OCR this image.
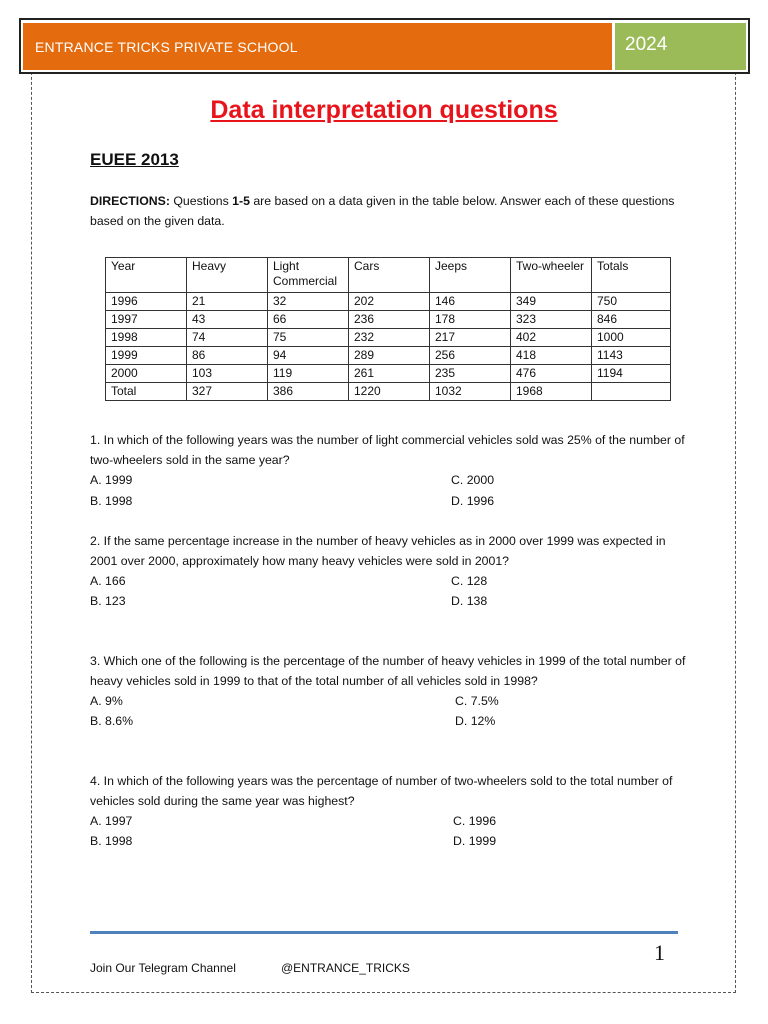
ENTRANCE TRICKS PRIVATE SCHOOL	2024
Data interpretation questions
EUEE 2013
DIRECTIONS: Questions 1-5 are based on a data given in the table below. Answer each of these questions based on the given data.
Year	Heavy	Light Commercial	Cars	Jeeps	Two-wheeler	Totals
1996	21	32	202	146	349	750
1997	43	66	236	178	323	846
1998	74	75	232	217	402	1000
1999	86	94	289	256	418	1143
2000	103	119	261	235	476	1194
Total	327	386	1220	1032	1968	
1. In which of the following years was the number of light commercial vehicles sold was 25% of the number of two-wheelers sold in the same year?
A. 1999
B. 1998
C. 2000
D. 1996
2. If the same percentage increase in the number of heavy vehicles as in 2000 over 1999 was expected in 2001 over 2000, approximately how many heavy vehicles were sold in 2001?
A. 166
B. 123
C. 128
D. 138
3. Which one of the following is the percentage of the number of heavy vehicles in 1999 of the total number of heavy vehicles sold in 1999 to that of the total number of all vehicles sold in 1998?
A. 9%
B. 8.6%
C. 7.5%
D. 12%
4. In which of the following years was the percentage of number of two-wheelers sold to the total number of vehicles sold during the same year was highest?
A. 1997
B. 1998
C. 1996
D. 1999
1
Join Our Telegram Channel	@ENTRANCE_TRICKS
